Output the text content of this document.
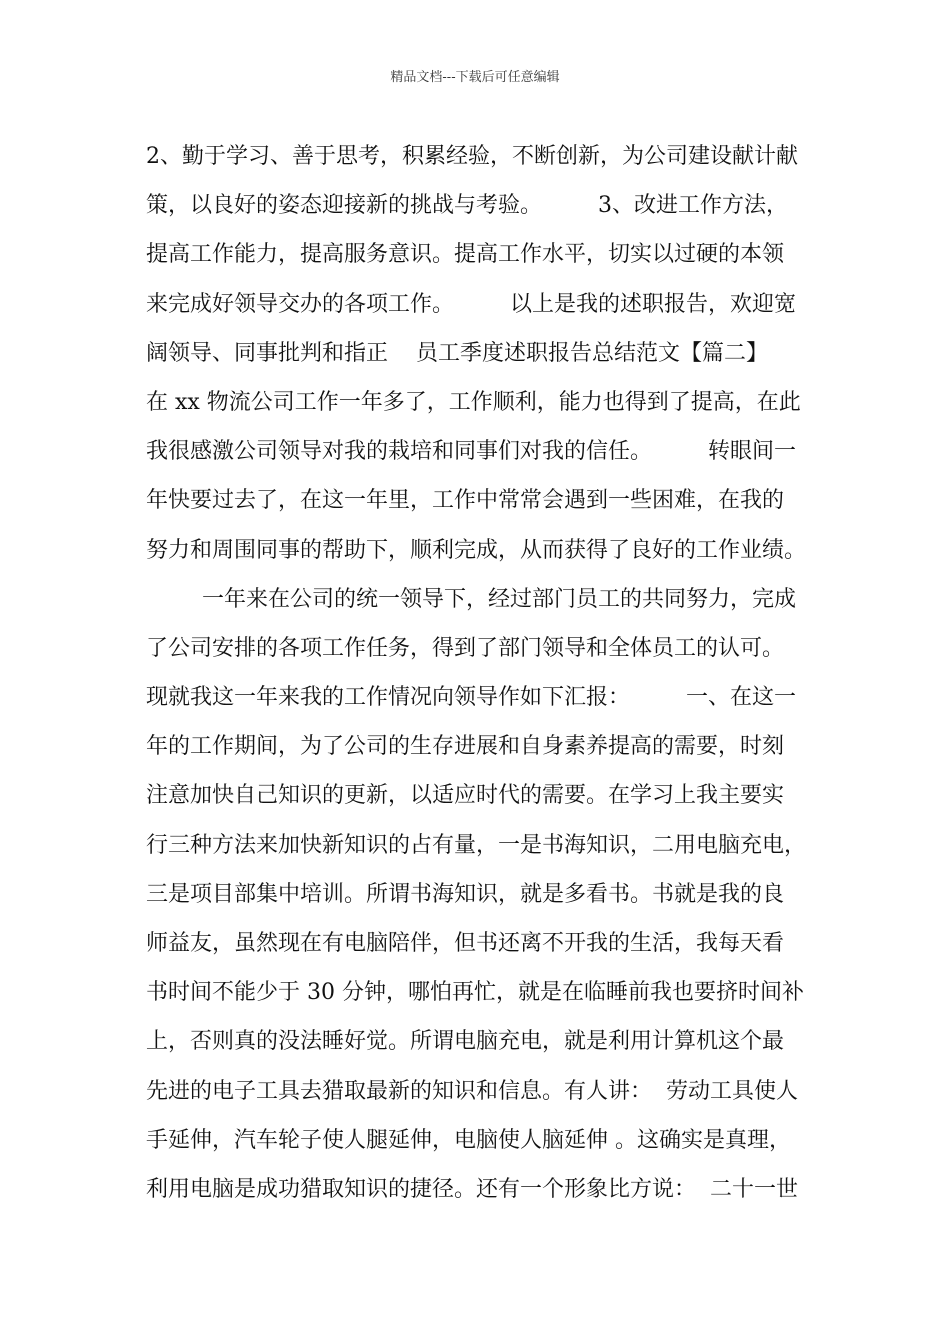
精品文档---下载后可任意编辑
2、勤于学习、善于思考，积累经验，不断创新，为公司建设献计献
策，以良好的姿态迎接新的挑战与考验。        3、改进工作方法，
提高工作能力，提高服务意识。提高工作水平，切实以过硬的本领
来完成好领导交办的各项工作。        以上是我的述职报告，欢迎宽
阔领导、同事批判和指正    员工季度述职报告总结范文【篇二】
在 xx 物流公司工作一年多了，工作顺利，能力也得到了提高，在此
我很感激公司领导对我的栽培和同事们对我的信任。        转眼间一
年快要过去了，在这一年里，工作中常常会遇到一些困难，在我的
努力和周围同事的帮助下，顺利完成，从而获得了良好的工作业绩。
一年来在公司的统一领导下，经过部门员工的共同努力，完成
了公司安排的各项工作任务，得到了部门领导和全体员工的认可。
现就我这一年来我的工作情况向领导作如下汇报：        一、在这一
年的工作期间，为了公司的生存进展和自身素养提高的需要，时刻
注意加快自己知识的更新，以适应时代的需要。在学习上我主要实
行三种方法来加快新知识的占有量，一是书海知识，二用电脑充电，
三是项目部集中培训。所谓书海知识，就是多看书。书就是我的良
师益友，虽然现在有电脑陪伴，但书还离不开我的生活，我每天看
书时间不能少于 30 分钟，哪怕再忙，就是在临睡前我也要挤时间补
上，否则真的没法睡好觉。所谓电脑充电，就是利用计算机这个最
先进的电子工具去猎取最新的知识和信息。有人讲：  劳动工具使人
手延伸，汽车轮子使人腿延伸，电脑使人脑延伸 。这确实是真理，
利用电脑是成功猎取知识的捷径。还有一个形象比方说：  二十一世
